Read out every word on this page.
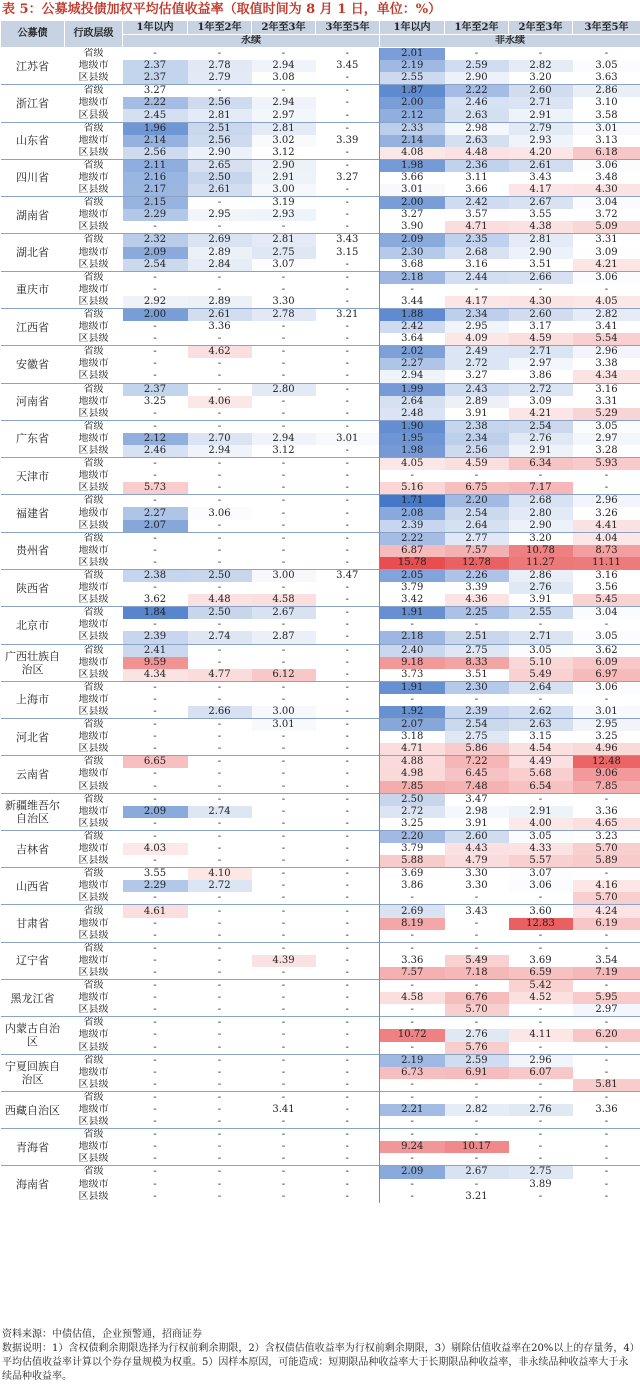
表 5：公募城投债加权平均估值收益率（取值时间为 8 月 1 日，单位：%）
公募债	行政层级	1年以内	1年至2年	2年至3年	3年至5年	1年以内	1年至2年	2年至3年	3年至5年
		永续				非永续			
江苏省	省级	-	-	-	-	2.01	-	-	-
	地级市	2.37	2.78	2.94	3.45	2.19	2.59	2.82	3.05
	区县级	2.37	2.79	3.08	-	2.55	2.90	3.20	3.63
浙江省	省级	3.27	-	-	-	1.87	2.22	2.60	2.86
	地级市	2.22	2.56	2.94	-	2.00	2.46	2.71	3.10
	区县级	2.45	2.81	2.97	-	2.12	2.63	2.91	3.58
山东省	省级	1.96	2.51	2.81	-	2.33	2.98	2.79	3.01
	地级市	2.14	2.56	3.02	3.39	2.14	2.63	2.93	3.13
	区县级	2.56	2.90	3.12	-	4.08	4.48	4.20	6.18
四川省	省级	2.11	2.65	2.90	-	1.98	2.36	2.61	3.06
	地级市	2.16	2.50	2.91	3.27	3.66	3.11	3.43	3.48
	区县级	2.17	2.61	3.00	-	3.01	3.66	4.17	4.30
湖南省	省级	2.15	-	3.19	-	2.00	2.42	2.67	3.04
	地级市	2.29	2.95	2.93	-	3.27	3.57	3.55	3.72
	区县级	-	-	-	-	3.90	4.71	4.38	5.09
湖北省	省级	2.32	2.69	2.81	3.43	2.09	2.35	2.81	3.31
	地级市	2.09	2.89	2.75	3.15	2.30	2.68	2.90	3.09
	区县级	2.54	2.84	3.07	-	3.68	3.16	3.51	4.21
重庆市	省级	-	-	-	-	2.18	2.44	2.66	3.06
	地级市	-	-	-	-	-	-	-	-
	区县级	2.92	2.89	3.30	-	3.44	4.17	4.30	4.05
江西省	省级	2.00	2.61	2.78	3.21	1.88	2.34	2.60	2.82
	地级市	-	3.36	-	-	2.42	2.95	3.17	3.41
	区县级	-	-	-	-	3.64	4.09	4.59	5.54
安徽省	省级	-	4.62	-	-	2.02	2.49	2.71	2.96
	地级市	-	-	-	-	2.27	2.72	2.97	3.38
	区县级	-	-	-	-	2.94	3.27	3.86	4.34
河南省	省级	2.37	-	2.80	-	1.99	2.43	2.72	3.16
	地级市	3.25	4.06	-	-	2.64	2.89	3.09	3.31
	区县级	-	-	-	-	2.48	3.91	4.21	5.29
广东省	省级	-	-	-	-	1.90	2.38	2.54	3.05
	地级市	2.12	2.70	2.94	3.01	1.95	2.34	2.76	2.97
	区县级	2.46	2.94	3.12	-	1.98	2.56	2.91	3.28
天津市	省级	-	-	-	-	4.05	4.59	6.34	5.93
	地级市	-	-	-	-	-	-	-	-
	区县级	5.73	-	-	-	5.16	6.75	7.17	-
福建省	省级	-	-	-	-	1.71	2.20	2.68	2.96
	地级市	2.27	3.06	-	-	2.08	2.54	2.80	3.26
	区县级	2.07	-	-	-	2.39	2.64	2.90	4.41
贵州省	省级	-	-	-	-	2.22	2.77	3.20	4.04
	地级市	-	-	-	-	6.87	7.57	10.78	8.73
	区县级	-	-	-	-	15.78	12.78	11.27	11.11
陕西省	省级	2.38	2.50	3.00	3.47	2.05	2.26	2.86	3.16
	地级市	-	-	-	-	3.79	3.39	2.76	3.56
	区县级	3.62	4.48	4.58	-	3.42	4.36	3.91	5.45
北京市	省级	1.84	2.50	2.67	-	1.91	2.25	2.55	3.04
	地级市	-	-	-	-	-	-	-	-
	区县级	2.39	2.74	2.87	-	2.18	2.51	2.71	3.05
广西壮族自治区	省级	2.41	-	-	-	2.40	2.75	3.05	3.62
	地级市	9.59	-	-	-	9.18	8.33	5.10	6.09
	区县级	4.34	4.77	6.12	-	3.73	3.51	5.49	6.97
上海市	省级	-	-	-	-	1.91	2.30	2.64	3.06
	地级市	-	-	-	-	-	-	-	-
	区县级	-	2.66	3.00	-	1.92	2.39	2.62	3.01
河北省	省级	-	-	3.01	-	2.07	2.54	2.63	2.95
	地级市	-	-	-	-	3.18	2.75	3.15	3.25
	区县级	-	-	-	-	4.71	5.86	4.54	4.96
云南省	省级	6.65	-	-	-	4.88	7.22	4.49	12.48
	地级市	-	-	-	-	4.98	6.45	5.68	9.06
	区县级	-	-	-	-	7.85	7.48	6.54	7.85
新疆维吾尔自治区	省级	-	-	-	-	2.50	3.47	-	-
	地级市	2.09	2.74	-	-	2.72	2.98	2.91	3.36
	区县级	-	-	-	-	3.25	3.91	4.00	4.65
吉林省	省级	-	-	-	-	2.20	2.60	3.05	3.23
	地级市	4.03	-	-	-	3.79	4.43	4.33	5.70
	区县级	-	-	-	-	5.88	4.79	5.57	5.89
山西省	省级	3.55	4.10	-	-	3.69	3.30	3.07	-
	地级市	2.29	2.72	-	-	3.86	3.30	3.06	4.16
	区县级	-	-	-	-	-	-	-	5.70
甘肃省	省级	4.61	-	-	-	2.69	3.43	3.60	4.24
	地级市	-	-	-	-	8.19	-	12.83	6.19
	区县级	-	-	-	-	-	-	-	-
辽宁省	省级	-	-	-	-	-	-	-	-
	地级市	-	-	4.39	-	3.36	5.49	3.69	3.54
	区县级	-	-	-	-	7.57	7.18	6.59	7.19
黑龙江省	省级	-	-	-	-	-	-	5.42	-
	地级市	-	-	-	-	4.58	6.76	4.52	5.95
	区县级	-	-	-	-	-	5.70	-	2.97
内蒙古自治区	省级	-	-	-	-	-	-	-	-
	地级市	-	-	-	-	10.72	2.76	4.11	6.20
	区县级	-	-	-	-	-	5.76	-	-
宁夏回族自治区	省级	-	-	-	-	2.19	2.59	2.96	-
	地级市	-	-	-	-	6.73	6.91	6.07	-
	区县级	-	-	-	-	-	-	-	5.81
西藏自治区	省级	-	-	-	-	-	-	-	-
	地级市	-	-	3.41	-	2.21	2.82	2.76	3.36
	区县级	-	-	-	-	-	-	-	-
青海省	省级	-	-	-	-	-	-	-	-
	地级市	-	-	-	-	9.24	10.17	-	-
	区县级	-	-	-	-	-	-	-	-
海南省	省级	-	-	-	-	2.09	2.67	2.75	-
	地级市	-	-	-	-	-	-	3.89	-
	区县级	-	-	-	-	-	3.21	-	-

资料来源：中债估值，企业预警通，招商证券

数据说明：1）含权债剩余期限选择为行权前剩余期限，2）含权债估值收益率为行权前剩余期限，3）剔除估值收益率在20%以上的存量务，4）平均估值收益率计算以个券存量规模为权重。5）因样本原因，可能造成：短期限品种收益率大于长期限品种收益率，非永续品种收益率大于永续品种收益率。
